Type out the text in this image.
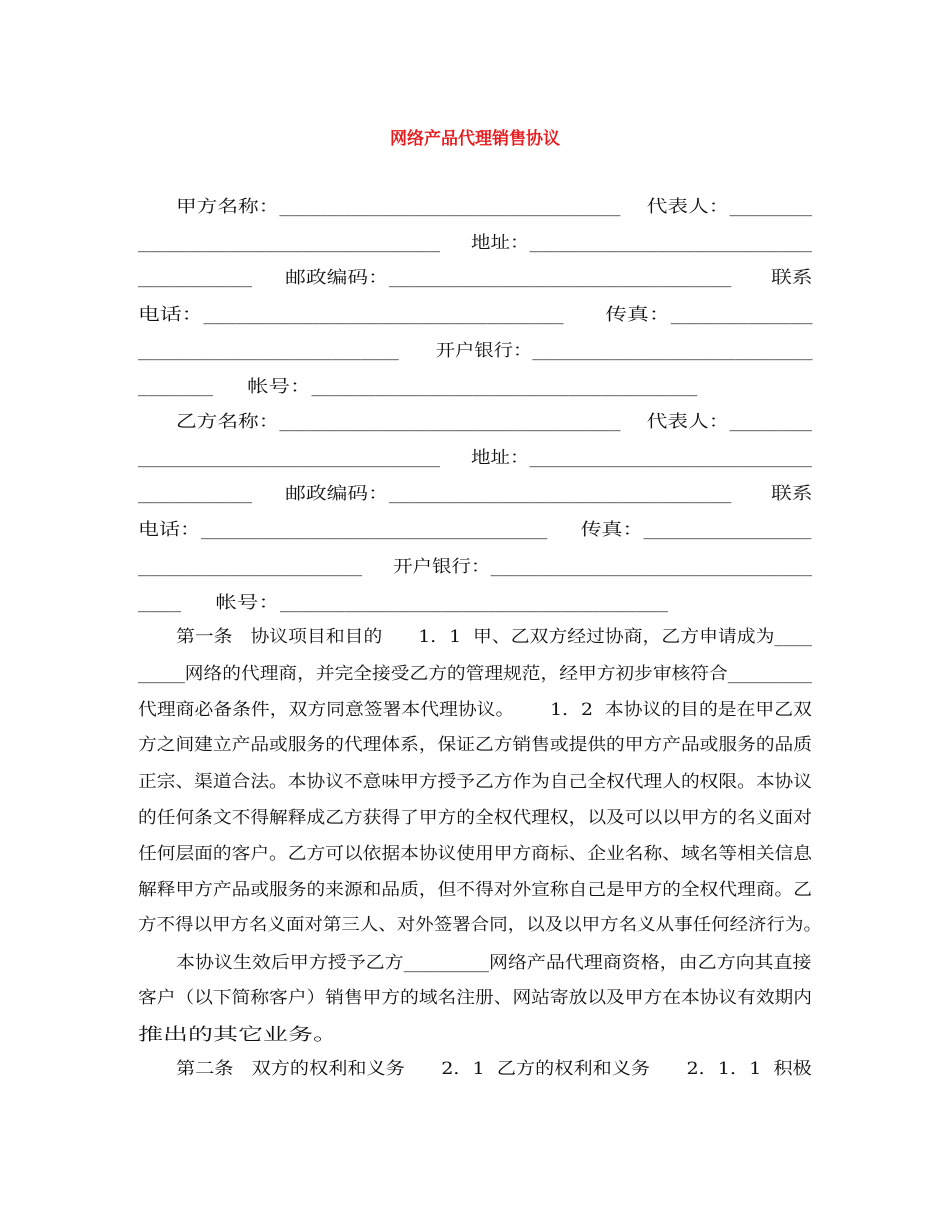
网络产品代理销售协议
甲方名称：_________________________________    代表人：________
_______________________________     地址：_____________________________
___________     邮政编码：_________________________________      联系
电话：_________________________________      传真：_____________
___________________________      开户银行：_____________________________
_______     帐号：____________________________________
乙方名称：_________________________________    代表人：________
_______________________________     地址：_____________________________
___________     邮政编码：_________________________________      联系
电话：_________________________________     传真：________________
_______________________     开户银行：_________________________________
____     帐号：____________________________________
第一条   协议项目和目的      1．1  甲、乙双方经过协商，乙方申请成为____
_____网络的代理商，并完全接受乙方的管理规范，经甲方初步审核符合_________
代理商必备条件，双方同意签署本代理协议。      1．2  本协议的目的是在甲乙双
方之间建立产品或服务的代理体系，保证乙方销售或提供的甲方产品或服务的品质
正宗、渠道合法。本协议不意味甲方授予乙方作为自己全权代理人的权限。本协议
的任何条文不得解释成乙方获得了甲方的全权代理权，以及可以以甲方的名义面对
任何层面的客户。乙方可以依据本协议使用甲方商标、企业名称、域名等相关信息
解释甲方产品或服务的来源和品质，但不得对外宣称自己是甲方的全权代理商。乙
方不得以甲方名义面对第三人、对外签署合同，以及以甲方名义从事任何经济行为。
本协议生效后甲方授予乙方_________网络产品代理商资格，由乙方向其直接
客户（以下简称客户）销售甲方的域名注册、网站寄放以及甲方在本协议有效期内
推出的其它业务。
第二条   双方的权利和义务      2．1  乙方的权利和义务      2．1．1  积极
